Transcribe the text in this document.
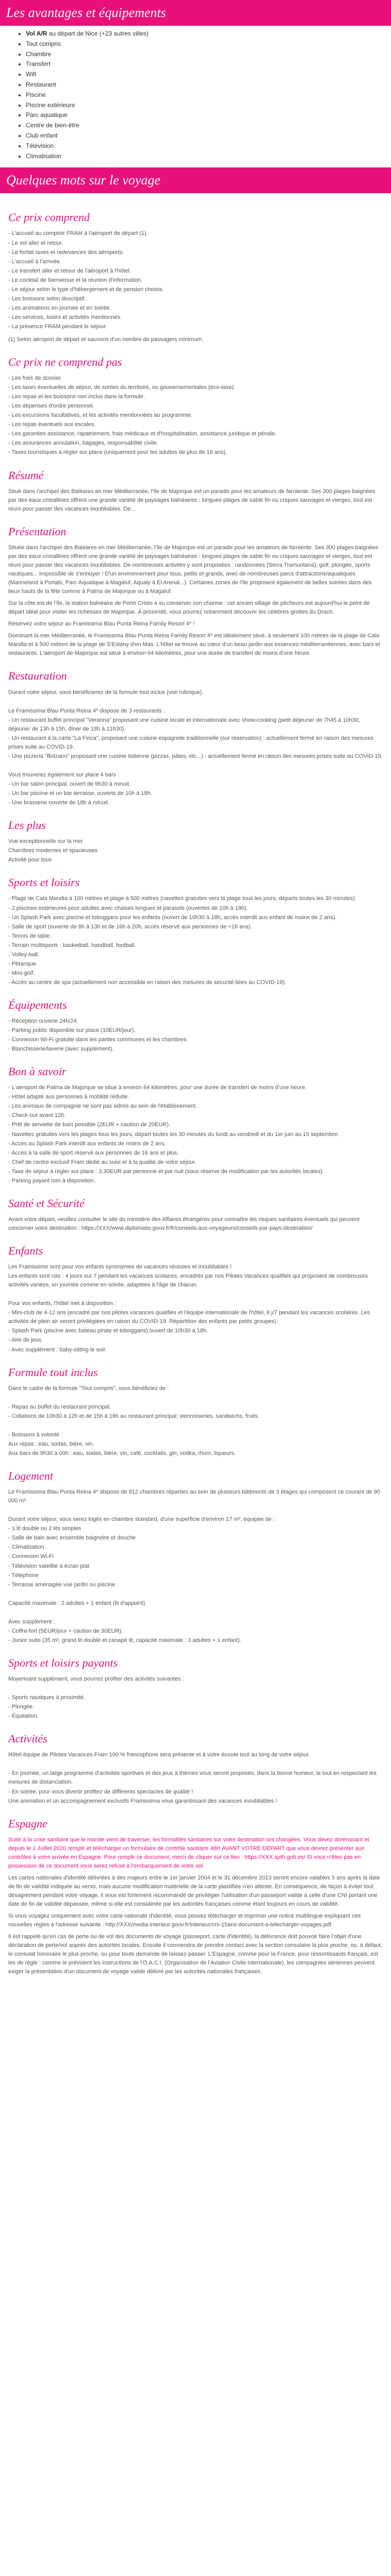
Les avantages et équipements
• Vol A/R au départ de Nice (+23 autres villes)
• Tout compris
• Chambre
• Transfert
• Wifi
• Restaurant
• Piscine
• Piscine extérieure
• Parc aquatique
• Centre de bien-être
• Club enfant
• Télévision
• Climatisation
Quelques mots sur le voyage
Ce prix comprend
- L'accueil au comptoir FRAM à l'aéroport de départ (1).
- Le vol aller et retour.
- Le forfait taxes et redevances des aéroports.
- L'accueil à l'arrivée.
- Le transfert aller et retour de l'aéroport à l'hôtel.
- Le cocktail de bienvenue et la réunion d'information.
- Le séjour selon le type d'hébergement et de pension choisis.
- Les boissons selon descriptif.
- Les animations en journée et en soirée.
- Les services, loisirs et activités mentionnés.
- La présence FRAM pendant le séjour.

(1) Selon aéroport de départ et sauvons d'un nombre de passagers minimum.

Ce prix ne comprend pas
- Les frais de dossier.
- Les taxes éventuelles de séjour, de sorties du territoire, ou gouvernementales (éco-taxe).
- Les repas et les boissons non inclus dans la formule.
- Les dépenses d'ordre personnel.
- Les excursions facultatives, et les activités mentionnées au programme.
- Les repas éventuels aux escales.
- Les garanties assistance, rapatriement, frais médicaux et d'hospitalisation, assistance juridique et pénale.
- Les assurances annulation, bagages, responsabilité civile.
- Taxes touristiques à régler sur place (uniquement pour les adultes de plus de 16 ans).
Résumé

Situé dans l'archipel des Baléares en mer Méditerranée, l'île de Majorque est un paradis pour les amateurs de farniente. Ses 300 plages baignées par des eaux cristallines offrent une grande variété de paysages balnéaires : longues plages de sable fin ou criques sauvages et vierges, tout est réuni pour passer des vacances inoubliables. De...

Présentation

Située dans l'archipel des Baléares en mer Méditerranée, l'île de Majorque est un paradis pour les amateurs de farniente. Ses 300 plages baignées par des eaux cristallines offrent une grande variété de paysages balnéaires : longues plages de sable fin ou criques sauvages et vierges, tout est réuni pour passer des vacances inoubliables. De nombreuses activités y sont proposées : randonnées (Serra Tramuntana), golf, plongée, sports nautiques... Impossible de s'ennuyer ! D'un environnement pour tous, petits et grands, avec de nombreuses parcs d'attractions/aquatiques (Marineland à Portals, Parc Aquatique à Magaluf, Aqualy à El Arenal...). Certaines zones de l'île proposent également de belles soirées dans des lieux hauts de la fête comme à Palma de Majorque ou à Magaluf.

Sur la côte est de l'île, la station balnéaire de Porto Cristo a su conserver son charme : cet ancien village de pêcheurs est aujourd'hui le point de départ idéal pour visiter les richesses de Majorque. À proximité, vous pourrez notamment découvrir les célèbres grottes du Drach.

Réservez votre séjour au Framissima Blau Punta Reina Family Resort 4* !

Dominant la mer Méditerranée, le Framissima Blau Punta Reina Family Resort 4* est idéalement situé, à seulement 100 mètres de la plage de Cala Mandia et à 500 mètres de la plage de S'Estany d'en Mas. L'hôtel se trouve au cœur d'un beau jardin aux essences méditerranéennes, avec bars et restaurants. L'aéroport de Majorque est situé à environ 64 kilomètres, pour une durée de transfert de moins d'une heure.

Restauration
Durant votre séjour, vous bénéficierez de la formule tout inclus (voir rubrique).

Le Framissima Blau Punta Reina 4* dispose de 3 restaurants :
- Un restaurant buffet principal "Veranna" proposant une cuisine locale et internationale avec show-cooking (petit déjeuner de 7h45 à 10h30, déjeuner de 13h à 15h, dîner de 18h à 21h30).
- Un restaurant à la carte "La Finca", proposant une cuisine espagnole traditionnelle (sur réservation) : actuellement fermé en raison des mesures prises suite au COVID-19.
- Une pizzeria "Bolzano" proposant une cuisine italienne (pizzas, pâtes, etc...) : actuellement fermé en raison des mesures prises suite au COVID-19.

Vous trouverez également sur place 4 bars :
- Un bar salon principal, ouvert de 9h30 à minuit.
- Un bar piscine et un bar terrasse, ouverts de 10h à 18h.
- Une brasserie ouverte de 18h à minuit.
Les plus
Vue exceptionnelle sur la mer
Chambres modernes et spacieuses
Activité pour tous
Sports et loisirs
- Plage de Cala Mandia à 100 mètres et plage à 500 mètres (navettes gratuites vers la plage tous les jours, départs toutes les 30 minutes).
- 2 piscines extérieures pour adultes avec chaises longues et parasols (ouvertes de 10h à 18h).
- Un Splash Park avec piscine et toboggans pour les enfants (ouvert de 10h30 à 18h, accès interdit aux enfant de moins de 2 ans).
- Salle de sport (ouverte de 8h à 13h et de 16h à 20h, accès réservé aux personnes de +16 ans).
- Tennis de table.
- Terrain multisports : basketball, handball, football.
- Volley-ball.
- Pétanque.
- Mini-golf.
- Accès au centre de spa (actuellement non accessible en raison des mesures de sécurité liées au COVID-19).
Équipements
- Réception ouverte 24h/24.
- Parking public disponible sur place (10EUR/jour).
- Connexion Wi-Fi gratuite dans les parties communes et les chambres.
- Blanchisserie/laverie (avec supplément).
Bon à savoir
- L'aéroport de Palma de Majorque se situe à environ 64 kilomètres, pour une durée de transfert de moins d'une heure.
- Hôtel adapté aux personnes à mobilité réduite.
- Les animaux de compagnie ne sont pas admis au sein de l'établissement.
- Check-out avant 12h.
- Prêt de serviette de bain possible (2EUR + caution de 20EUR).
- Navettes gratuites vers les plages tous les jours, départ toutes les 30 minutes du lundi au vendredi et du 1er juin au 15 septembre.
- Accès au Splash Park interdit aux enfants de moins de 2 ans.
- Accès à la salle de sport réservé aux personnes de 16 ans et plus.
- Chef de centre exclusif Fram dédié au suivi et à la qualité de votre séjour.
- Taxe de séjour à régler sur place : 3,30EUR par personne et par nuit (sous réserve de modification par les autorités locales).
- Parking payant non à disposition.
Santé et Sécurité

Avant votre départ, veuillez consulter le site du ministère des Affaires étrangères pour connaître les risques sanitaires éventuels qui peuvent concerner votre destination : https://XXX/www.diplomatie.gouv.fr/fr/conseils-aux-voyageurs/conseils-par-pays-destination/

Enfants
Les Framissimo sont pour vos enfants synonymes de vacances réussies et inoubliables !
Les enfants sont rois : 4 jours sur 7 pendant les vacances scolaires, encadrés par nos Pilotes Vacances qualifiés qui proposent de nombreuses activités variées, en journée comme en soirée, adaptées à l'âge de chacun.

Pour vos enfants, l'hôtel met à disposition :
- Mini-club de 4-12 ans (encadré par nos pilotes vacances qualifiés et l'équipe internationale de l'hôtel, 6 j/7 pendant les vacances scolaires. Les activités de plein air seront privilégiées en raison du COVID-19. Répartition des enfants par petits groupes).
- Splash Park (piscine avec bateau pirate et toboggans) ouvert de 10h30 à 18h.
- Aire de jeux.
- Avec supplément : baby-sitting le soir.
Formule tout inclus
Dans le cadre de la formule "Tout compris", vous bénéficiez de :

- Repas au buffet du restaurant principal.
- Collations de 10h30 à 12h et de 15h à 18h au restaurant principal: viennoiseries, sandwichs, fruits.

- Boissons à volonté :
Aux repas : eau, sodas, bière, vin.
Aux bars de 9h30 à 00h : eau, sodas, bière, vin, café, cocktails, gin, vodka, rhum, liqueurs.
Logement
Le Framissima Blau Punta Reina 4* dispose de 812 chambres réparties au sein de plusieurs bâtiments de 3 étages qui composent ce courant de 90 000 m².

Durant votre séjour, vous serez logés en chambre standard, d'une superficie d'environ 17 m², équipée de :
- 1 lit double ou 2 lits simples
- Salle de bain avec ensemble baignoire et douche
- Climatisation
- Connexion Wi-Fi
- Télévision satellite à écran plat
- Téléphone
- Terrasse aménagée vue jardin ou piscine

Capacité maximale : 2 adultes + 1 enfant (lit d'appoint).

Avec supplément :
- Coffre-fort (5EUR/jour + caution de 30EUR).
- Junior suite (35 m², grand lit double et canapé lit, capacité maximale : 3 adultes + 1 enfant).
Sports et loisirs payants
Moyennant supplément, vous pourrez profiter des activités suivantes :

- Sports nautiques à proximité.
- Plongée.
- Équitation.
Activités
Hôtel équipe de Pilotes Vacances Fram 100 % francophone sera présente et à votre écoute tout au long de votre séjour.

- En journée, un large programme d'activités sportives et des jeux à thèmes vous seront proposés, dans la bonne humeur, le tout en respectant les mesures de distanciation.
- En soirée, pour vous divertir profitez de différents spectacles de qualité !
Une animation et un accompagnement exclusifs Framissima vous garantissant des vacances inoubliables !
Espagne

Suite à la crise sanitaire que le monde vient de traverser, les formalités sanitaires sur votre destination ont changées. Vous devez dorénavant et depuis le 1 Juillet 2020 remplir et télécharger un formulaire de contrôle sanitaire 48H AVANT VOTRE DÉPART que vous devrez présenter aux contrôles à votre arrivée en Espagne. Pour remplir ce document, merci de cliquer sur ce lien : https://XXX.spth.gob.es/ Si vous n'êtes pas en possession de ce document vous serez refusé à l'embarquement de votre vol.

Les cartes nationales d'identité délivrées à des majeurs entre le 1er janvier 2004 et le 31 décembre 2013 seront encore valables 5 ans après la date de fin de validité indiquée au verso, mais aucune modification matérielle de la carte plastifiée n'en atteste. En conséquence, de façon à éviter tout désagrément pendant votre voyage, il vous est fortement recommandé de privilégier l'utilisation d'un passeport valide à celle d'une CNI portant une date de fin de validité dépassée, même si elle est considérée par les autorités françaises comme étant toujours en cours de validité.

Si vous voyagez uniquement avec votre carte nationale d'identité, vous pouvez télécharger et imprimer une notice multilingue expliquant ces nouvelles règles à l'adresse suivante : http://XXX/media.interieur.gouv.fr/interieur/cni-15ans-document-a-telecharger-voyages.pdf.

Il est rappelé qu'en cas de perte ou de vol des documents de voyage (passeport, carte d'identité), la délivrance doit pouvoir faire l'objet d'une déclaration de perte/vol auprès des autorités locales. Ensuite il conviendra de prendre contact avec la section consulaire la plus proche, ou, à défaut, le consulat honoraire le plus proche, ou pour toute demande de laissez-passer. L'Espagne, comme pour la France, pour ressortissants français, est les de règle : comme le prévoient les instructions de l'O.A.C.I. (Organisation de l'Aviation Civile Internationale), les compagnies aériennes peuvent exiger la présentation d'un document de voyage valide délivré par les autorités nationales françaises.
